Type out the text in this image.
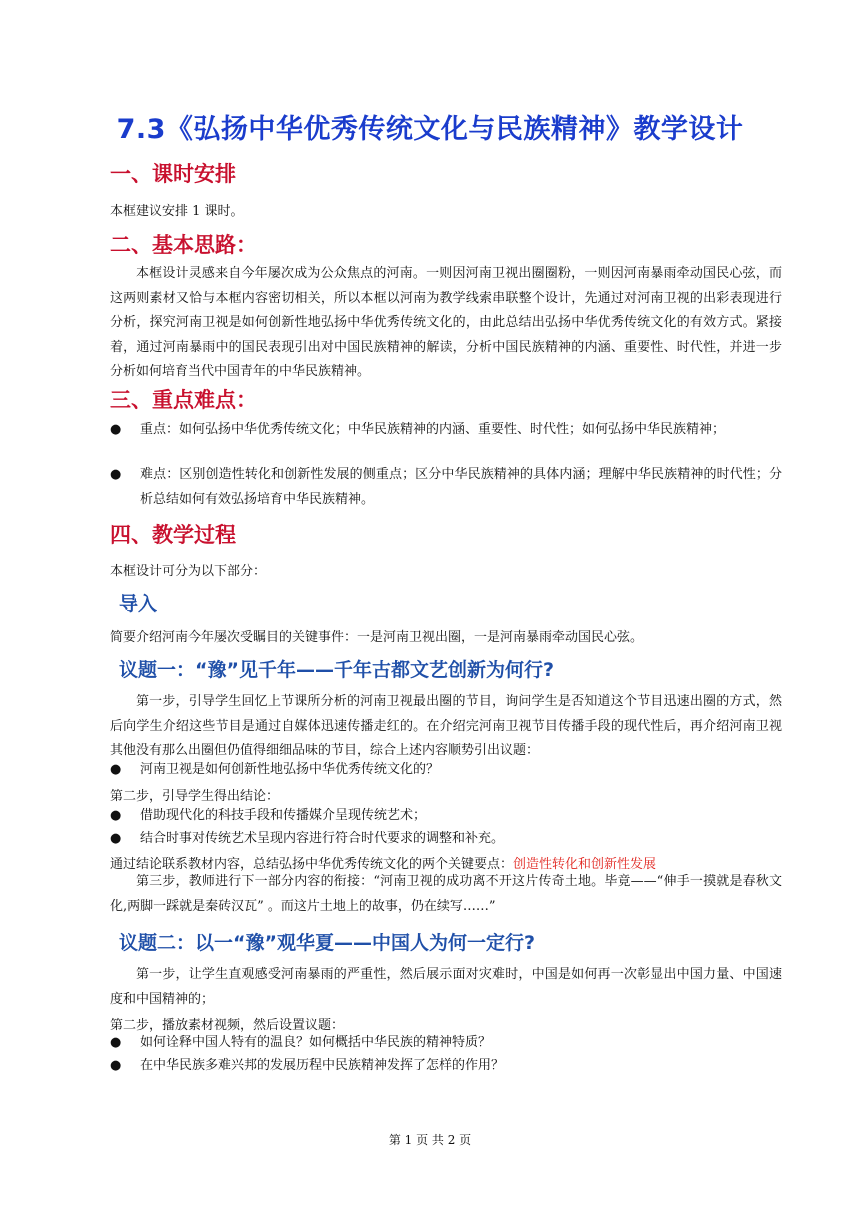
7.3《弘扬中华优秀传统文化与民族精神》教学设计
一、课时安排
本框建议安排 1 课时。
二、基本思路：
本框设计灵感来自今年屡次成为公众焦点的河南。一则因河南卫视出圈圈粉，一则因河南暴雨牵动国民心弦，而这两则素材又恰与本框内容密切相关，所以本框以河南为教学线索串联整个设计，先通过对河南卫视的出彩表现进行分析，探究河南卫视是如何创新性地弘扬中华优秀传统文化的，由此总结出弘扬中华优秀传统文化的有效方式。紧接着，通过河南暴雨中的国民表现引出对中国民族精神的解读，分析中国民族精神的内涵、重要性、时代性，并进一步分析如何培育当代中国青年的中华民族精神。
三、重点难点：
● 重点：如何弘扬中华优秀传统文化；中华民族精神的内涵、重要性、时代性；如何弘扬中华民族精神；
● 难点：区别创造性转化和创新性发展的侧重点；区分中华民族精神的具体内涵；理解中华民族精神的时代性；分析总结如何有效弘扬培育中华民族精神。
四、教学过程
本框设计可分为以下部分：
导入
简要介绍河南今年屡次受瞩目的关键事件：一是河南卫视出圈，一是河南暴雨牵动国民心弦。
议题一：“豫”见千年——千年古都文艺创新为何行?
第一步，引导学生回忆上节课所分析的河南卫视最出圈的节目，询问学生是否知道这个节目迅速出圈的方式，然后向学生介绍这些节目是通过自媒体迅速传播走红的。在介绍完河南卫视节目传播手段的现代性后，再介绍河南卫视其他没有那么出圈但仍值得细细品味的节目，综合上述内容顺势引出议题：
● 河南卫视是如何创新性地弘扬中华优秀传统文化的？
第二步，引导学生得出结论：
● 借助现代化的科技手段和传播媒介呈现传统艺术；
● 结合时事对传统艺术呈现内容进行符合时代要求的调整和补充。
通过结论联系教材内容，总结弘扬中华优秀传统文化的两个关键要点：创造性转化和创新性发展
第三步，教师进行下一部分内容的衔接：“河南卫视的成功离不开这片传奇土地。毕竟——“伸手一摸就是春秋文化,两脚一踩就是秦砖汉瓦” 。而这片土地上的故事，仍在续写……”
议题二：以一“豫”观华夏——中国人为何一定行?
第一步，让学生直观感受河南暴雨的严重性，然后展示面对灾难时，中国是如何再一次彰显出中国力量、中国速度和中国精神的；
第二步，播放素材视频，然后设置议题：
● 如何诠释中国人特有的温良？如何概括中华民族的精神特质？
● 在中华民族多难兴邦的发展历程中民族精神发挥了怎样的作用？
第 1 页 共 2 页
